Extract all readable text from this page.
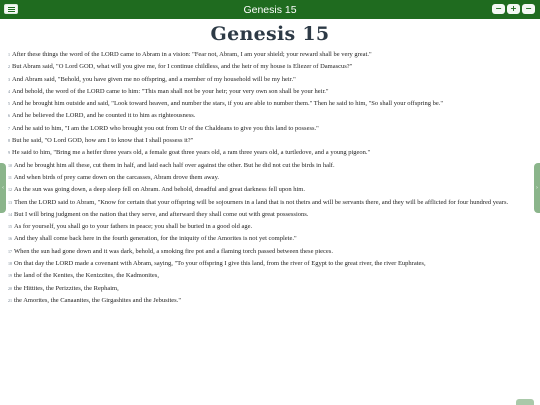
Genesis 15	−	+	−
Genesis 15

$^1$ After these things the word of the LORD came to Abram in a vision: "Fear not, Abram, I am your shield; your reward shall be very great."

$^2$ But Abram said, "O Lord GOD, what will you give me, for I continue childless, and the heir of my house is Eliezer of Damascus?"

$^3$ And Abram said, "Behold, you have given me no offspring, and a member of my household will be my heir."

$^4$ And behold, the word of the LORD came to him: "This man shall not be your heir; your very own son shall be your heir."

$^5$ And he brought him outside and said, "Look toward heaven, and number the stars, if you are able to number them." Then he said to him, "So shall your offspring be."

$^6$ And he believed the LORD, and he counted it to him as righteousness.

$^7$ And he said to him, "I am the LORD who brought you out from Ur of the Chaldeans to give you this land to possess."

$^8$ But he said, "O Lord GOD, how am I to know that I shall possess it?"

$^9$ He said to him, "Bring me a heifer three years old, a female goat three years old, a ram three years old, a turtledove, and a young pigeon."

$^{10}$ And he brought him all these, cut them in half, and laid each half over against the other. But he did not cut the birds in half.

$^{11}$ And when birds of prey came down on the carcasses, Abram drove them away.

$^{12}$ As the sun was going down, a deep sleep fell on Abram. And behold, dreadful and great darkness fell upon him.

$^{13}$ Then the LORD said to Abram, "Know for certain that your offspring will be sojourners in a land that is not theirs and will be servants there, and they will be afflicted for four hundred years.

$^{14}$ But I will bring judgment on the nation that they serve, and afterward they shall come out with great possessions.

$^{15}$ As for yourself, you shall go to your fathers in peace; you shall be buried in a good old age.

$^{16}$ And they shall come back here in the fourth generation, for the iniquity of the Amorites is not yet complete."

$^{17}$ When the sun had gone down and it was dark, behold, a smoking fire pot and a flaming torch passed between these pieces.

$^{18}$ On that day the LORD made a covenant with Abram, saying, "To your offspring I give this land, from the river of Egypt to the great river, the river Euphrates,

$^{19}$ the land of the Kenites, the Kenizzites, the Kadmonites,

$^{20}$ the Hittites, the Perizzites, the Rephaim,

$^{21}$ the Amorites, the Canaanites, the Girgashites and the Jebusites."

‹	›
